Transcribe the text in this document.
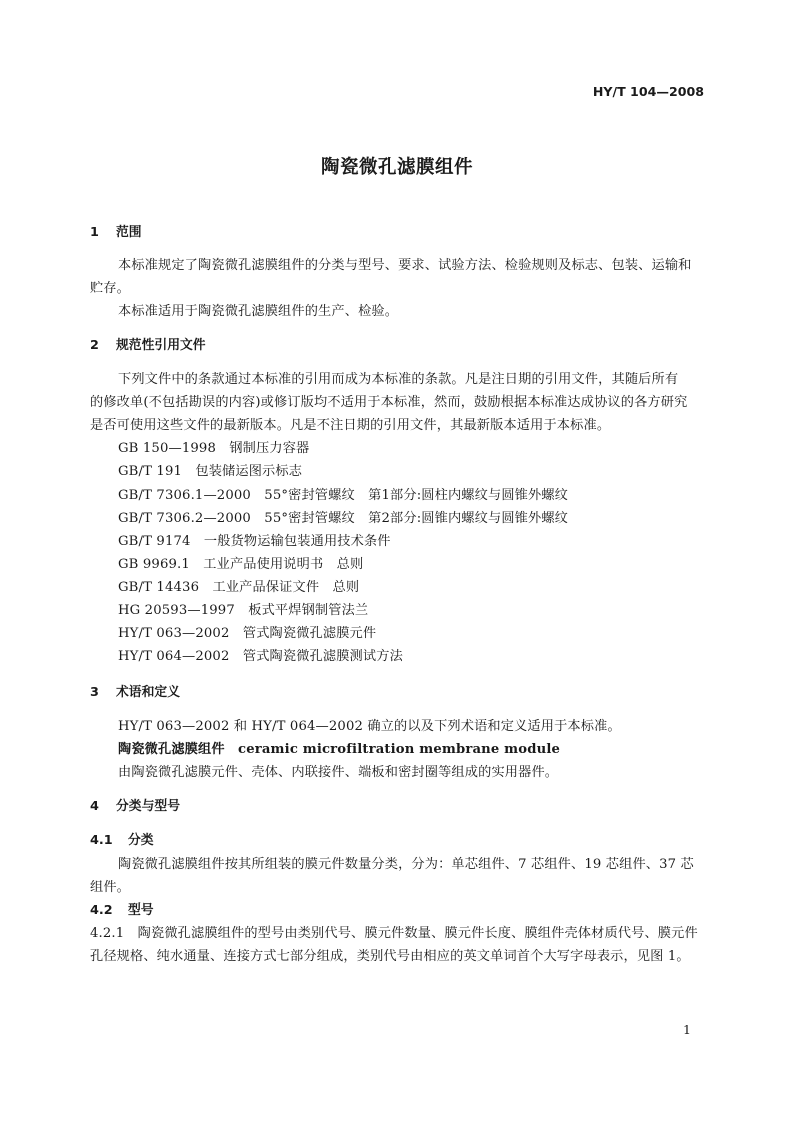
HY/T 104—2008
陶瓷微孔滤膜组件
1 范围
本标准规定了陶瓷微孔滤膜组件的分类与型号、要求、试验方法、检验规则及标志、包装、运输和
贮存。
本标准适用于陶瓷微孔滤膜组件的生产、检验。
2 规范性引用文件
下列文件中的条款通过本标准的引用而成为本标准的条款。凡是注日期的引用文件，其随后所有
的修改单(不包括勘误的内容)或修订版均不适用于本标准，然而，鼓励根据本标准达成协议的各方研究
是否可使用这些文件的最新版本。凡是不注日期的引用文件，其最新版本适用于本标准。
GB 150—1998　 钢制压力容器
GB/T 191　 包装储运图示标志
GB/T 7306.1—2000　 55°密封管螺纹　第1部分:圆柱内螺纹与圆锥外螺纹
GB/T 7306.2—2000　 55°密封管螺纹　第2部分:圆锥内螺纹与圆锥外螺纹
GB/T 9174　 一般货物运输包装通用技术条件
GB 9969.1　 工业产品使用说明书　总则
GB/T 14436　 工业产品保证文件　总则
HG 20593—1997　 板式平焊钢制管法兰
HY/T 063—2002　 管式陶瓷微孔滤膜元件
HY/T 064—2002　 管式陶瓷微孔滤膜测试方法
3 术语和定义
HY/T 063—2002 和 HY/T 064—2002 确立的以及下列术语和定义适用于本标准。
陶瓷微孔滤膜组件　 ceramic microfiltration membrane module
由陶瓷微孔滤膜元件、壳体、内联接件、端板和密封圈等组成的实用器件。
4 分类与型号
4.1 分类
陶瓷微孔滤膜组件按其所组装的膜元件数量分类，分为：单芯组件、7 芯组件、19 芯组件、37 芯
组件。
4.2 型号
4.2.1　陶瓷微孔滤膜组件的型号由类别代号、膜元件数量、膜元件长度、膜组件壳体材质代号、膜元件
孔径规格、纯水通量、连接方式七部分组成，类别代号由相应的英文单词首个大写字母表示，见图 1。
1
